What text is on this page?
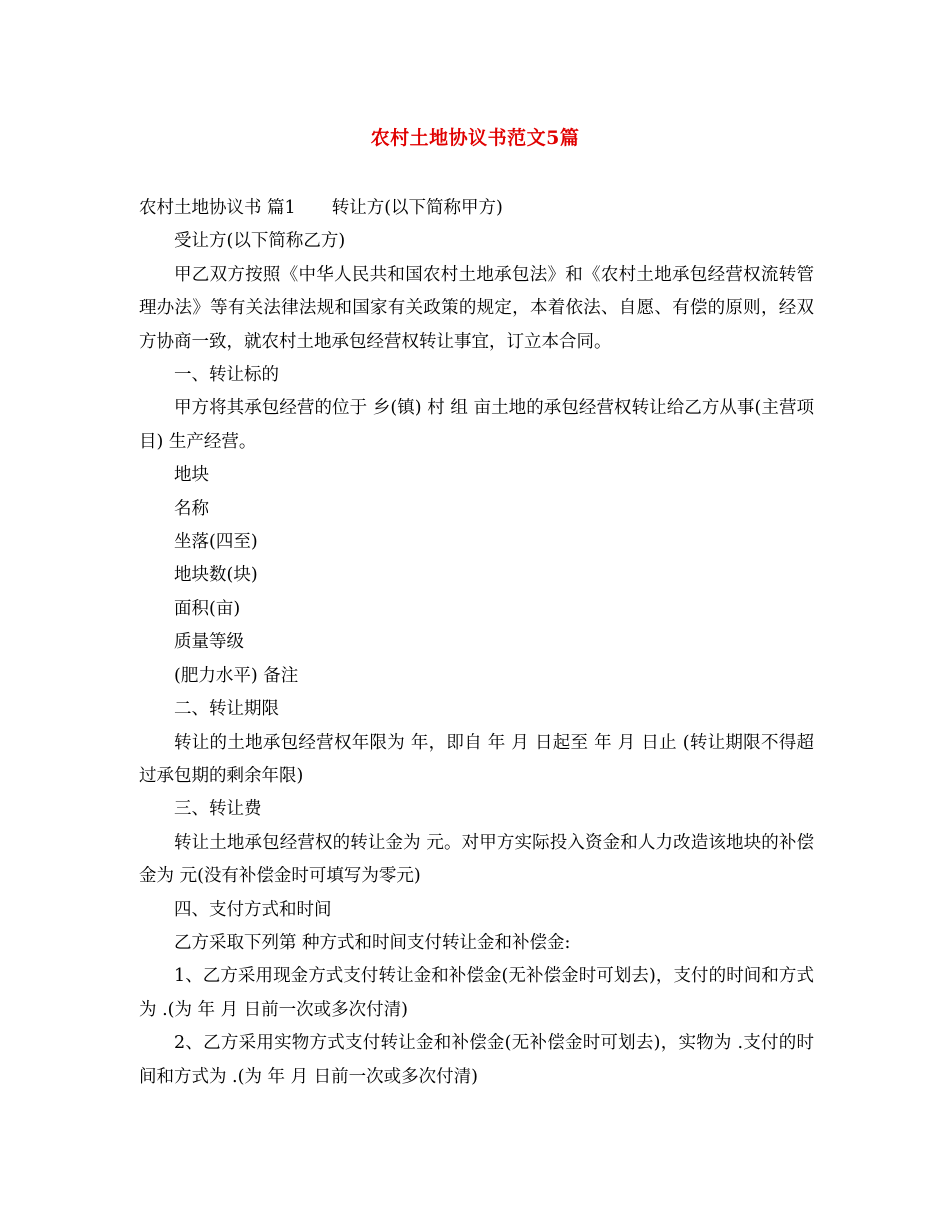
农村土地协议书范文5篇

农村土地协议书 篇1 转让方(以下简称甲方)

受让方(以下简称乙方)

甲乙双方按照《中华人民共和国农村土地承包法》和《农村土地承包经营权流转管理办法》等有关法律法规和国家有关政策的规定，本着依法、自愿、有偿的原则，经双方协商一致，就农村土地承包经营权转让事宜，订立本合同。

一、转让标的

甲方将其承包经营的位于 乡(镇) 村 组 亩土地的承包经营权转让给乙方从事(主营项目) 生产经营。

地块

名称

坐落(四至)

地块数(块)

面积(亩)

质量等级

(肥力水平) 备注

二、转让期限

转让的土地承包经营权年限为 年，即自 年 月 日起至 年 月 日止 (转让期限不得超过承包期的剩余年限)

三、转让费

转让土地承包经营权的转让金为 元。对甲方实际投入资金和人力改造该地块的补偿金为 元(没有补偿金时可填写为零元)

四、支付方式和时间

乙方采取下列第 种方式和时间支付转让金和补偿金:

1、乙方采用现金方式支付转让金和补偿金(无补偿金时可划去)，支付的时间和方式为 .(为 年 月 日前一次或多次付清)

2、乙方采用实物方式支付转让金和补偿金(无补偿金时可划去)，实物为 .支付的时间和方式为 .(为 年 月 日前一次或多次付清)
